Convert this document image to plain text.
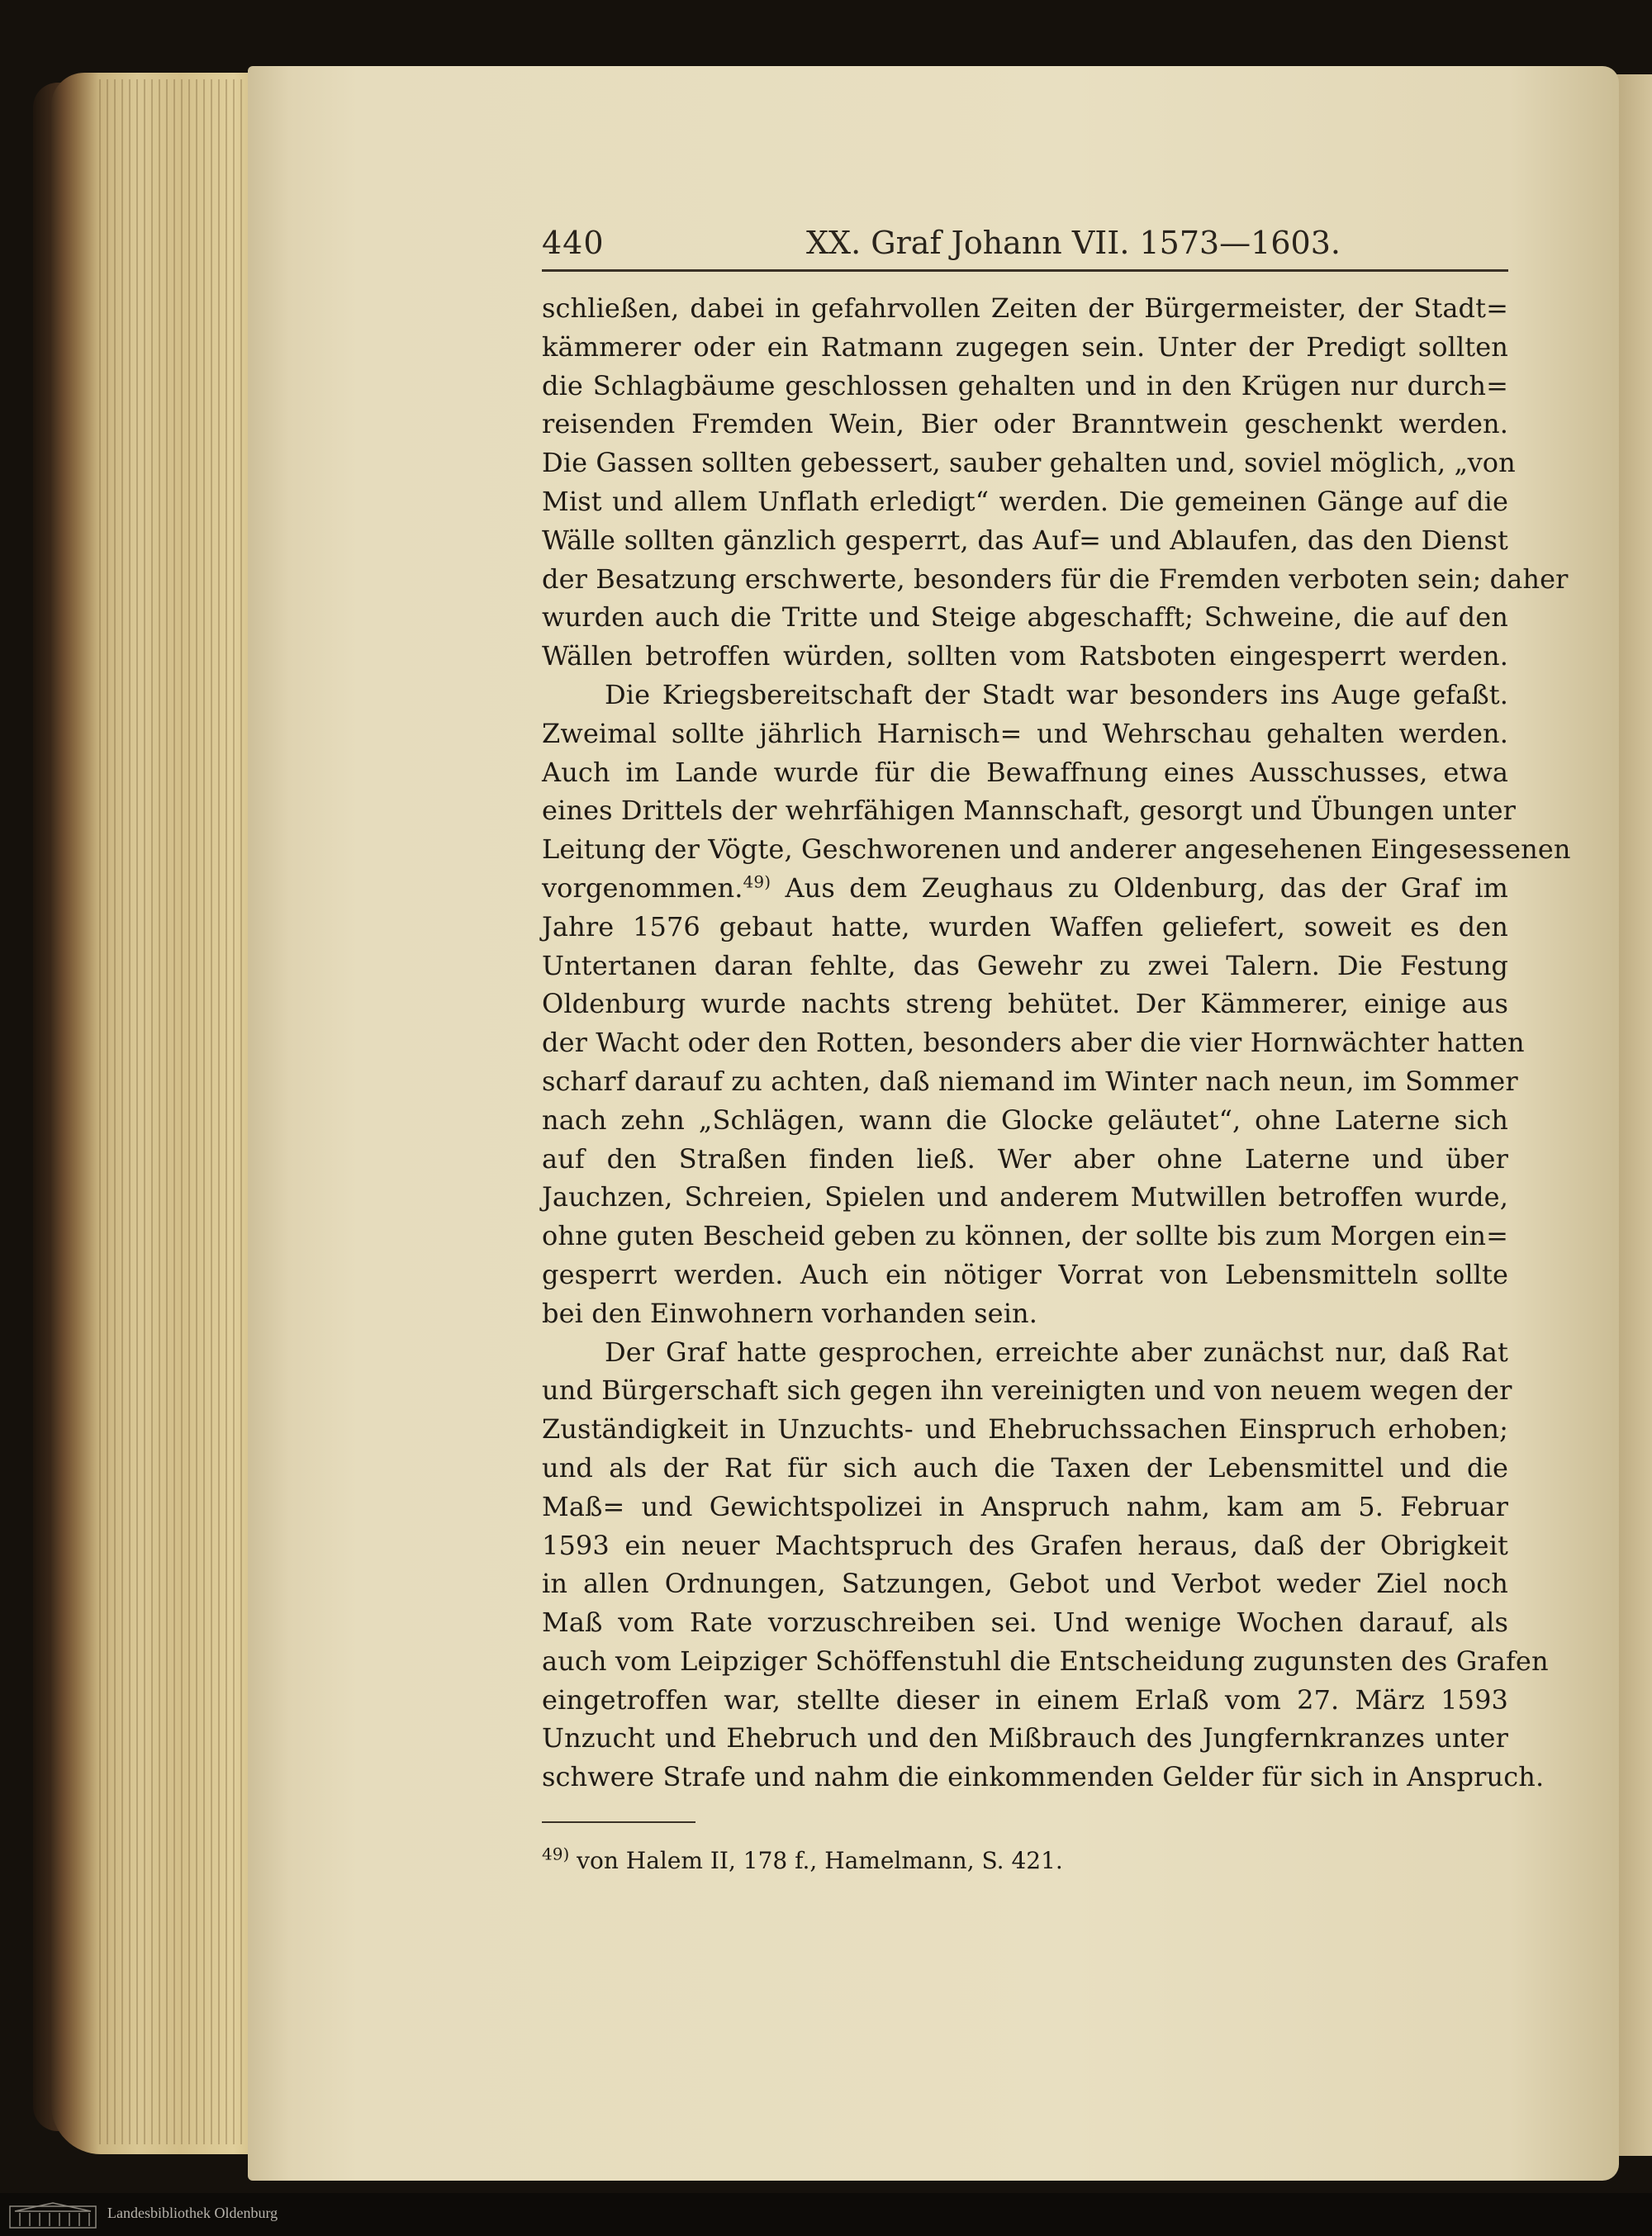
440	XX. Graf Johann VII. 1573—1603.
schließen, dabei in gefahrvollen Zeiten der Bürgermeister, der Stadt=
kämmerer oder ein Ratmann zugegen sein. Unter der Predigt sollten
die Schlagbäume geschlossen gehalten und in den Krügen nur durch=
reisenden Fremden Wein, Bier oder Branntwein geschenkt werden.
Die Gassen sollten gebessert, sauber gehalten und, soviel möglich, „von
Mist und allem Unflath erledigt“ werden. Die gemeinen Gänge auf die
Wälle sollten gänzlich gesperrt, das Auf= und Ablaufen, das den Dienst
der Besatzung erschwerte, besonders für die Fremden verboten sein; daher
wurden auch die Tritte und Steige abgeschafft; Schweine, die auf den
Wällen betroffen würden, sollten vom Ratsboten eingesperrt werden.
Die Kriegsbereitschaft der Stadt war besonders ins Auge gefaßt.
Zweimal sollte jährlich Harnisch= und Wehrschau gehalten werden.
Auch im Lande wurde für die Bewaffnung eines Ausschusses, etwa
eines Drittels der wehrfähigen Mannschaft, gesorgt und Übungen unter
Leitung der Vögte, Geschworenen und anderer angesehenen Eingesessenen
vorgenommen.$^{49)}$ Aus dem Zeughaus zu Oldenburg, das der Graf im
Jahre 1576 gebaut hatte, wurden Waffen geliefert, soweit es den
Untertanen daran fehlte, das Gewehr zu zwei Talern. Die Festung
Oldenburg wurde nachts streng behütet. Der Kämmerer, einige aus
der Wacht oder den Rotten, besonders aber die vier Hornwächter hatten
scharf darauf zu achten, daß niemand im Winter nach neun, im Sommer
nach zehn „Schlägen, wann die Glocke geläutet“, ohne Laterne sich
auf den Straßen finden ließ. Wer aber ohne Laterne und über
Jauchzen, Schreien, Spielen und anderem Mutwillen betroffen wurde,
ohne guten Bescheid geben zu können, der sollte bis zum Morgen ein=
gesperrt werden. Auch ein nötiger Vorrat von Lebensmitteln sollte
bei den Einwohnern vorhanden sein.
Der Graf hatte gesprochen, erreichte aber zunächst nur, daß Rat
und Bürgerschaft sich gegen ihn vereinigten und von neuem wegen der
Zuständigkeit in Unzuchts- und Ehebruchssachen Einspruch erhoben;
und als der Rat für sich auch die Taxen der Lebensmittel und die
Maß= und Gewichtspolizei in Anspruch nahm, kam am 5. Februar
1593 ein neuer Machtspruch des Grafen heraus, daß der Obrigkeit
in allen Ordnungen, Satzungen, Gebot und Verbot weder Ziel noch
Maß vom Rate vorzuschreiben sei. Und wenige Wochen darauf, als
auch vom Leipziger Schöffenstuhl die Entscheidung zugunsten des Grafen
eingetroffen war, stellte dieser in einem Erlaß vom 27. März 1593
Unzucht und Ehebruch und den Mißbrauch des Jungfernkranzes unter
schwere Strafe und nahm die einkommenden Gelder für sich in Anspruch.
$^{49)}$ von Halem II, 178 f., Hamelmann, S. 421.
Landesbibliothek Oldenburg
